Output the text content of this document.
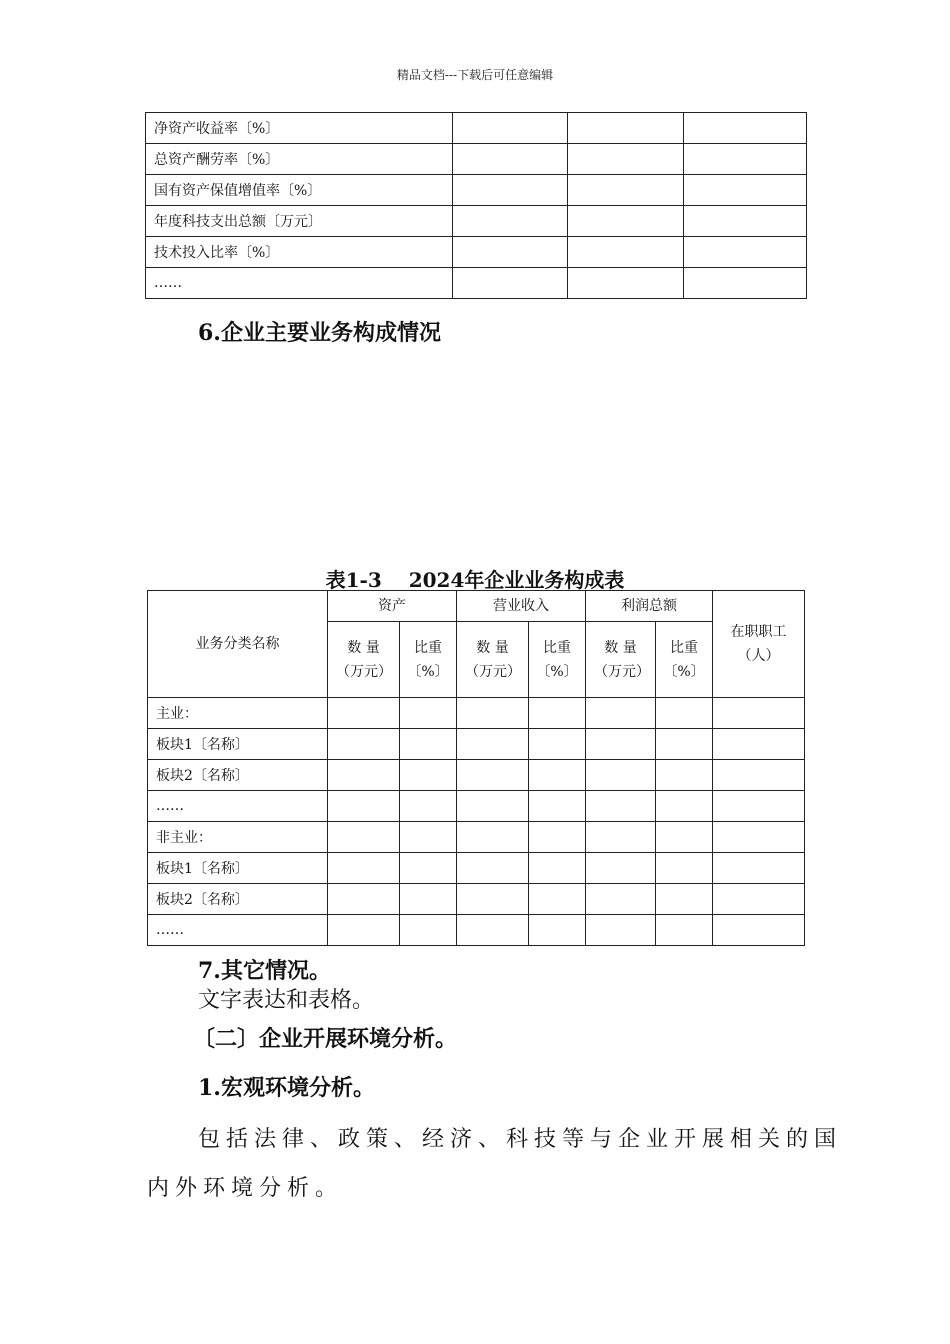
精品文档---下载后可任意编辑
净资产收益率〔%〕			
总资产酬劳率〔%〕			
国有资产保值增值率〔%〕			
年度科技支出总额〔万元〕			
技术投入比率〔%〕			
……			
6.企业主要业务构成情况
表1-3　 2024年企业业务构成表
业务分类名称	资产		营业收入		利润总额		在职职工（人）
	数 量（万元）	比重〔%〕	数 量（万元）	比重〔%〕	数 量（万元）	比重〔%〕	
主业：							
板块1〔名称〕							
板块2〔名称〕							
……							
非主业：							
板块1〔名称〕							
板块2〔名称〕							
……							
7.其它情况。
文字表达和表格。
〔二〕企业开展环境分析。
1.宏观环境分析。
包括法律、政策、经济、科技等与企业开展相关的国
内外环境分析。
